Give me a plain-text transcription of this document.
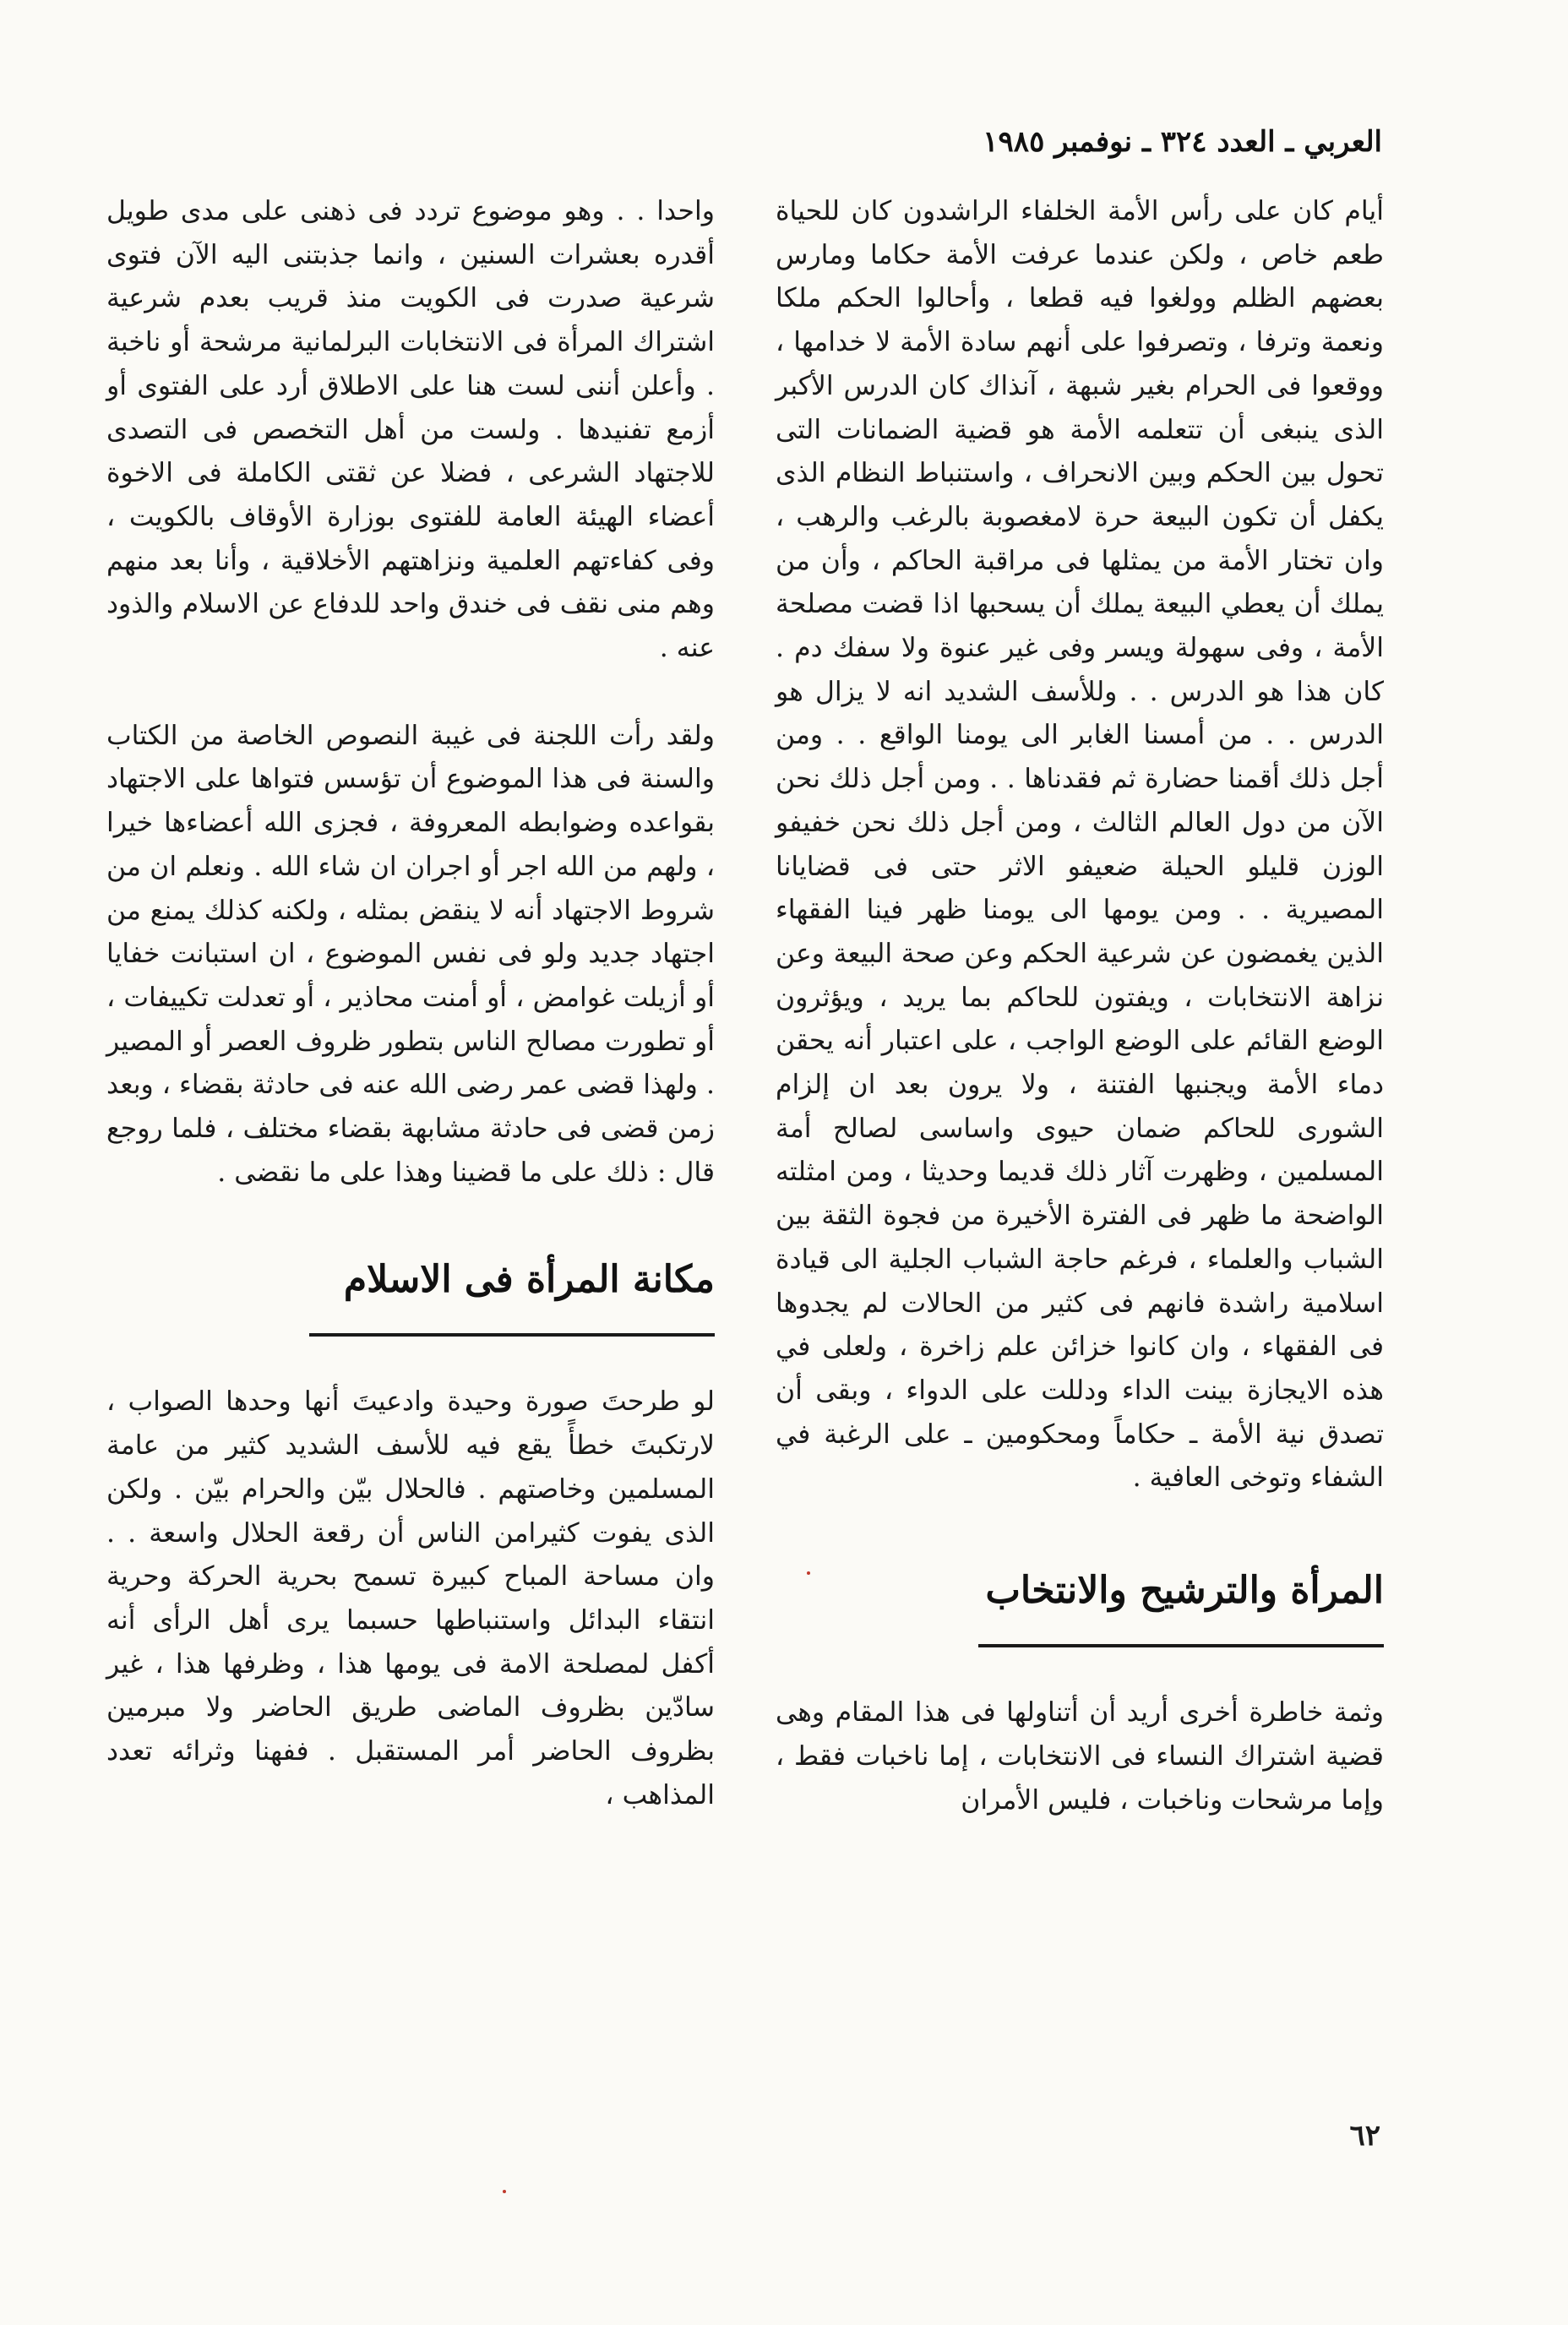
العربي ـ العدد ٣٢٤ ـ نوفمبر ١٩٨٥

أيام كان على رأس الأمة الخلفاء الراشدون كان للحياة طعم خاص ، ولكن عندما عرفت الأمة حكاما ومارس بعضهم الظلم وولغوا فيه قطعا ، وأحالوا الحكم ملكا ونعمة وترفا ، وتصرفوا على أنهم سادة الأمة لا خدامها ، ووقعوا فى الحرام بغير شبهة ، آنذاك كان الدرس الأكبر الذى ينبغى أن تتعلمه الأمة هو قضية الضمانات التى تحول بين الحكم وبين الانحراف ، واستنباط النظام الذى يكفل أن تكون البيعة حرة لامغصوبة بالرغب والرهب ، وان تختار الأمة من يمثلها فى مراقبة الحاكم ، وأن من يملك أن يعطي البيعة يملك أن يسحبها اذا قضت مصلحة الأمة ، وفى سهولة ويسر وفى غير عنوة ولا سفك دم . كان هذا هو الدرس . . وللأسف الشديد انه لا يزال هو الدرس . . من أمسنا الغابر الى يومنا الواقع . . ومن أجل ذلك أقمنا حضارة ثم فقدناها . . ومن أجل ذلك نحن الآن من دول العالم الثالث ، ومن أجل ذلك نحن خفيفو الوزن قليلو الحيلة ضعيفو الاثر حتى فى قضايانا المصيرية . . ومن يومها الى يومنا ظهر فينا الفقهاء الذين يغمضون عن شرعية الحكم وعن صحة البيعة وعن نزاهة الانتخابات ، ويفتون للحاكم بما يريد ، ويؤثرون الوضع القائم على الوضع الواجب ، على اعتبار أنه يحقن دماء الأمة ويجنبها الفتنة ، ولا يرون بعد ان إلزام الشورى للحاكم ضمان حيوى واساسى لصالح أمة المسلمين ، وظهرت آثار ذلك قديما وحديثا ، ومن امثلته الواضحة ما ظهر فى الفترة الأخيرة من فجوة الثقة بين الشباب والعلماء ، فرغم حاجة الشباب الجلية الى قيادة اسلامية راشدة فانهم فى كثير من الحالات لم يجدوها فى الفقهاء ، وان كانوا خزائن علم زاخرة ، ولعلى في هذه الايجازة بينت الداء ودللت على الدواء ، وبقى أن تصدق نية الأمة ـ حكاماً ومحكومين ـ على الرغبة في الشفاء وتوخى العافية .

المرأة والترشيح والانتخاب

وثمة خاطرة أخرى أريد أن أتناولها فى هذا المقام وهى قضية اشتراك النساء فى الانتخابات ، إما ناخبات فقط ، وإما مرشحات وناخبات ، فليس الأمران

واحدا . . وهو موضوع تردد فى ذهنى على مدى طويل أقدره بعشرات السنين ، وانما جذبتنى اليه الآن فتوى شرعية صدرت فى الكويت منذ قريب بعدم شرعية اشتراك المرأة فى الانتخابات البرلمانية مرشحة أو ناخبة . وأعلن أننى لست هنا على الاطلاق أرد على الفتوى أو أزمع تفنيدها . ولست من أهل التخصص فى التصدى للاجتهاد الشرعى ، فضلا عن ثقتى الكاملة فى الاخوة أعضاء الهيئة العامة للفتوى بوزارة الأوقاف بالكويت ، وفى كفاءتهم العلمية ونزاهتهم الأخلاقية ، وأنا بعد منهم وهم منى نقف فى خندق واحد للدفاع عن الاسلام والذود عنه .

ولقد رأت اللجنة فى غيبة النصوص الخاصة من الكتاب والسنة فى هذا الموضوع أن تؤسس فتواها على الاجتهاد بقواعده وضوابطه المعروفة ، فجزى الله أعضاءها خيرا ، ولهم من الله اجر أو اجران ان شاء الله . ونعلم ان من شروط الاجتهاد أنه لا ينقض بمثله ، ولكنه كذلك يمنع من اجتهاد جديد ولو فى نفس الموضوع ، ان استبانت خفايا أو أزيلت غوامض ، أو أمنت محاذير ، أو تعدلت تكييفات ، أو تطورت مصالح الناس بتطور ظروف العصر أو المصير . ولهذا قضى عمر رضى الله عنه فى حادثة بقضاء ، وبعد زمن قضى فى حادثة مشابهة بقضاء مختلف ، فلما روجع قال : ذلك على ما قضينا وهذا على ما نقضى .

مكانة المرأة فى الاسلام

لو طرحتَ صورة وحيدة وادعيتَ أنها وحدها الصواب ، لارتكبتَ خطأً يقع فيه للأسف الشديد كثير من عامة المسلمين وخاصتهم . فالحلال بيّن والحرام بيّن . ولكن الذى يفوت كثيرامن الناس أن رقعة الحلال واسعة . . وان مساحة المباح كبيرة تسمح بحرية الحركة وحرية انتقاء البدائل واستنباطها حسبما يرى أهل الرأى أنه أكفل لمصلحة الامة فى يومها هذا ، وظرفها هذا ، غير سادّين بظروف الماضى طريق الحاضر ولا مبرمين بظروف الحاضر أمر المستقبل . ففهنا وثرائه تعدد المذاهب ،

٦٢
